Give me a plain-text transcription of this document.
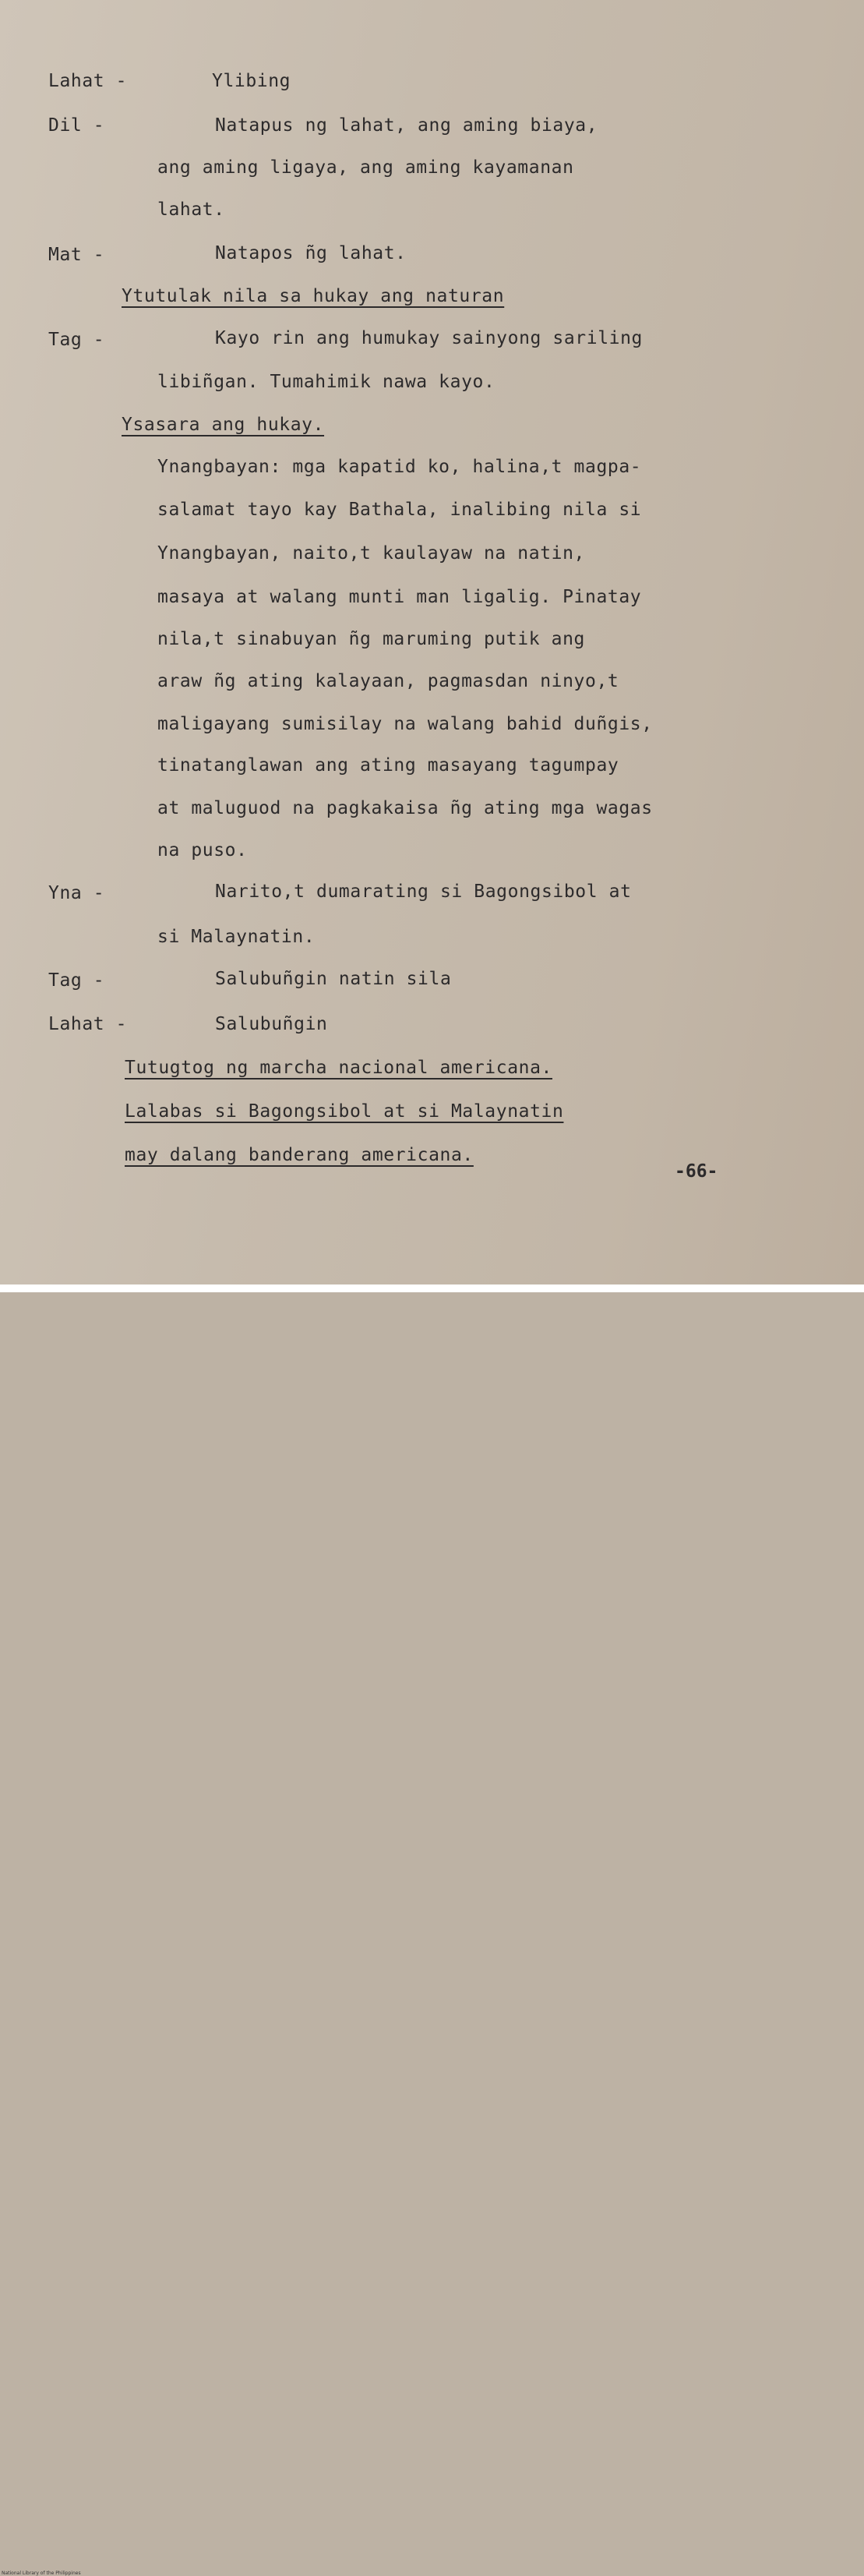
Lahat -	Ylibing
Dil -	Natapus ng lahat, ang aming biaya,
ang aming ligaya, ang aming kayamanan
lahat.
Mat -	Natapos ñg lahat.
Ytutulak nila sa hukay ang naturan
Tag -	Kayo rin ang humukay sainyong sariling
libiñgan. Tumahimik nawa kayo.
Ysasara ang hukay.
Ynangbayan: mga kapatid ko, halina,t magpa-
salamat tayo kay Bathala, inalibing nila si
Ynangbayan, naito,t kaulayaw na natin,
masaya at walang munti man ligalig. Pinatay
nila,t sinabuyan ñg maruming putik ang
araw ñg ating kalayaan, pagmasdan ninyo,t
maligayang sumisilay na walang bahid duñgis,
tinatanglawan ang ating masayang tagumpay
at maluguod na pagkakaisa ñg ating mga wagas
na puso.
Yna -	Narito,t dumarating si Bagongsibol at
si Malaynatin.
Tag -	Salubuñgin natin sila
Lahat -	Salubuñgin
Tutugtog ng marcha nacional americana.
Lalabas si Bagongsibol at si Malaynatin
may dalang banderang americana.
-66-
National Library of the Philippines
